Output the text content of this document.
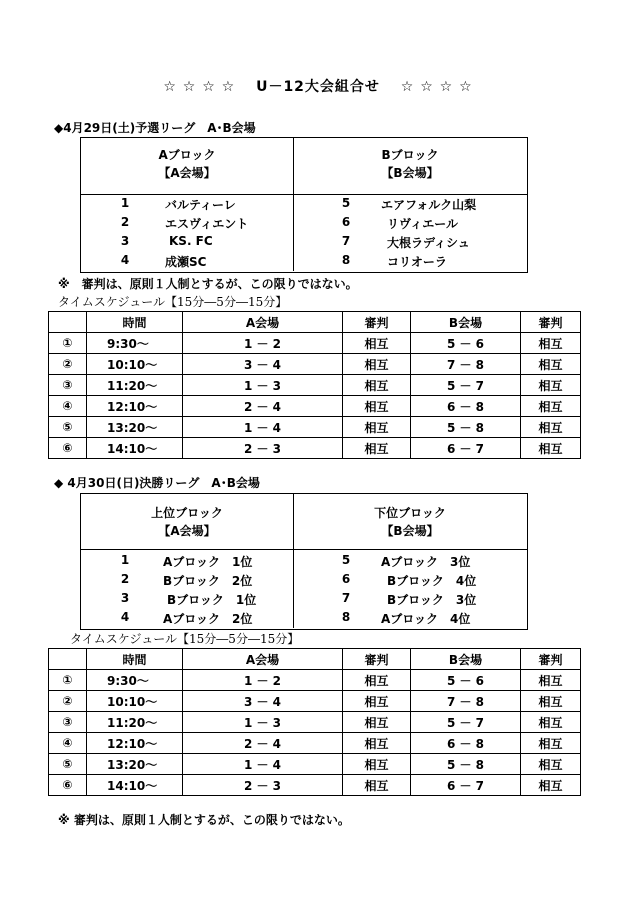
☆ ☆ ☆ ☆　 U－12大会組合せ 　☆ ☆ ☆ ☆
◆4月29日(土)予選リーグ　A･B会場
Aブロック
【A会場】
Bブロック
【B会場】
1	バルティーレ
2	エスヴィエント
3	KS. FC
4	成瀬SC
5	エアフォルク山梨
6	リヴィエール
7	大根ラディシュ
8	コリオーラ
※　審判は、原則１人制とするが、この限りではない。
タイムスケジュール【15分―5分―15分】
	時間	A会場	審判	B会場	審判
①	9:30～	1 － 2	相互	5 － 6	相互
②	10:10～	3 － 4	相互	7 － 8	相互
③	11:20～	1 － 3	相互	5 － 7	相互
④	12:10～	2 － 4	相互	6 － 8	相互
⑤	13:20～	1 － 4	相互	5 － 8	相互
⑥	14:10～	2 － 3	相互	6 － 7	相互
◆ 4月30日(日)決勝リーグ　A･B会場
上位ブロック
【A会場】
下位ブロック
【B会場】
1	Aブロック　1位
2	Bブロック　2位
3	Bブロック　1位
4	Aブロック　2位
5	Aブロック　3位
6	Bブロック　4位
7	Bブロック　3位
8	Aブロック　4位
タイムスケジュール【15分―5分―15分】
	時間	A会場	審判	B会場	審判
①	9:30～	1 － 2	相互	5 － 6	相互
②	10:10～	3 － 4	相互	7 － 8	相互
③	11:20～	1 － 3	相互	5 － 7	相互
④	12:10～	2 － 4	相互	6 － 8	相互
⑤	13:20～	1 － 4	相互	5 － 8	相互
⑥	14:10～	2 － 3	相互	6 － 7	相互
※ 審判は、原則１人制とするが、この限りではない。
